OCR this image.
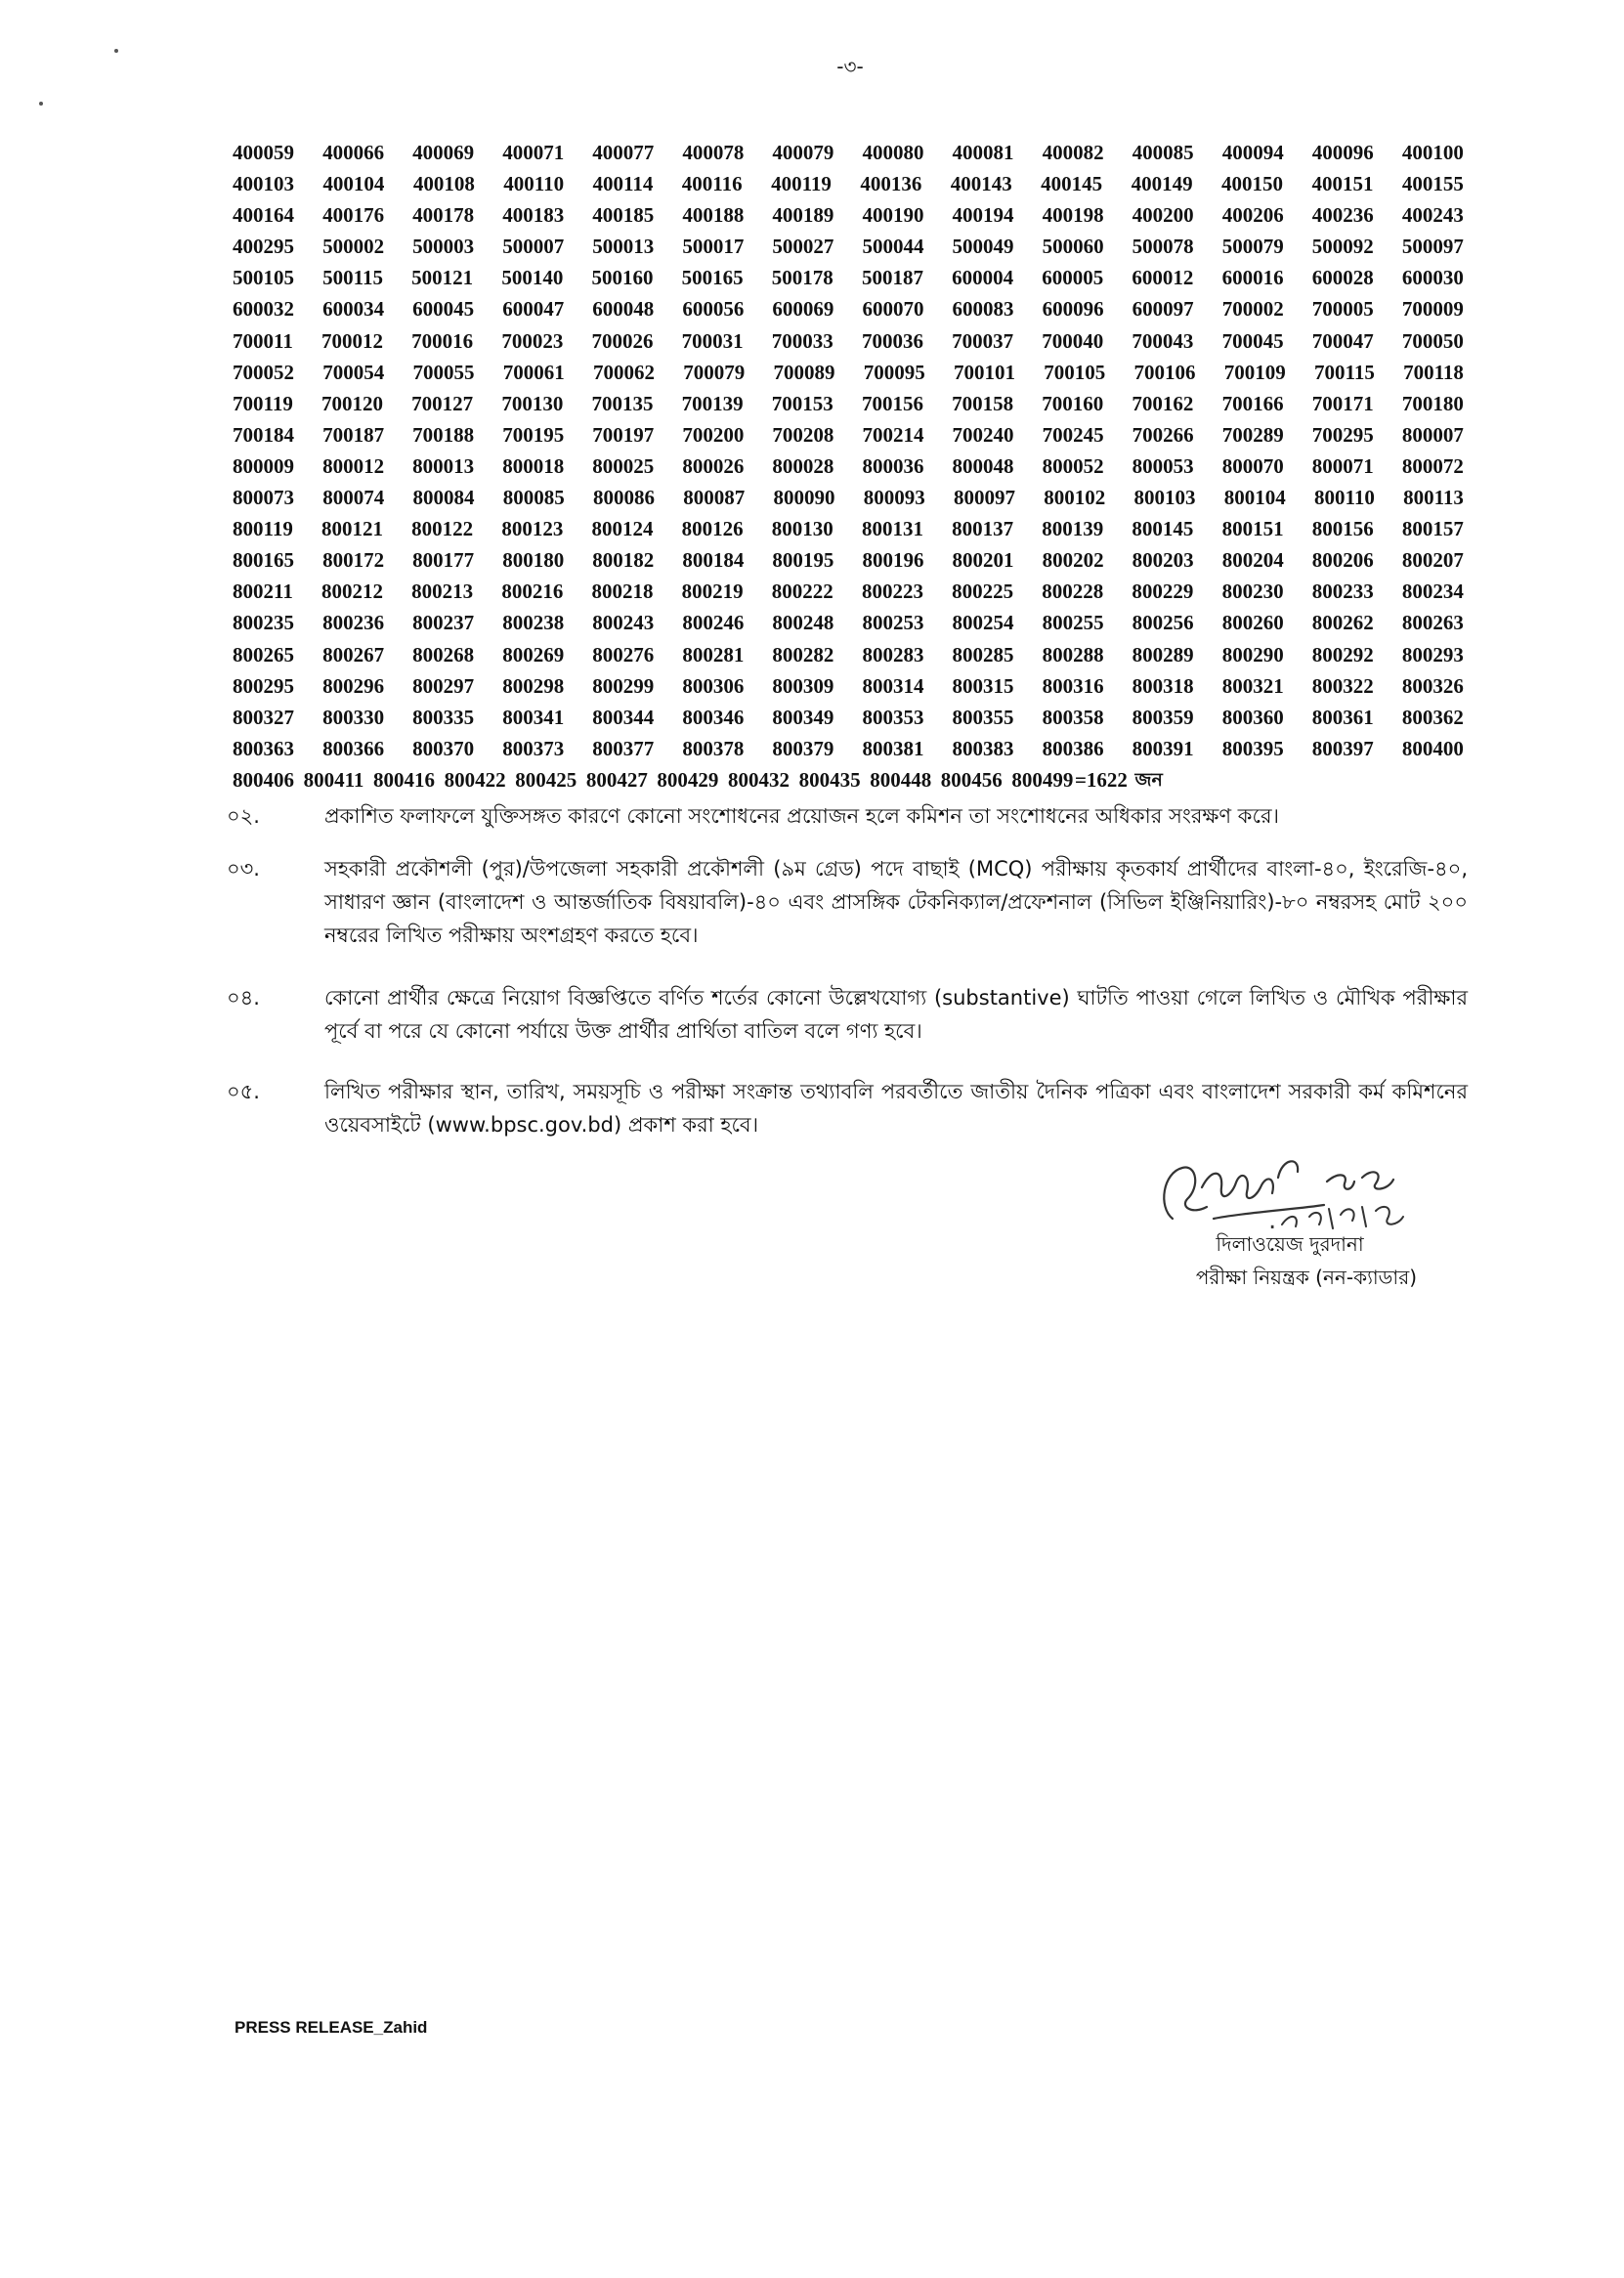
-৩-
400059 400066 400069 400071 400077 400078 400079 400080 400081 400082 400085 400094 400096 400100
400103 400104 400108 400110 400114 400116 400119 400136 400143 400145 400149 400150 400151 400155
400164 400176 400178 400183 400185 400188 400189 400190 400194 400198 400200 400206 400236 400243
400295 500002 500003 500007 500013 500017 500027 500044 500049 500060 500078 500079 500092 500097
500105 500115 500121 500140 500160 500165 500178 500187 600004 600005 600012 600016 600028 600030
600032 600034 600045 600047 600048 600056 600069 600070 600083 600096 600097 700002 700005 700009
700011 700012 700016 700023 700026 700031 700033 700036 700037 700040 700043 700045 700047 700050
700052 700054 700055 700061 700062 700079 700089 700095 700101 700105 700106 700109 700115 700118
700119 700120 700127 700130 700135 700139 700153 700156 700158 700160 700162 700166 700171 700180
700184 700187 700188 700195 700197 700200 700208 700214 700240 700245 700266 700289 700295 800007
800009 800012 800013 800018 800025 800026 800028 800036 800048 800052 800053 800070 800071 800072
800073 800074 800084 800085 800086 800087 800090 800093 800097 800102 800103 800104 800110 800113
800119 800121 800122 800123 800124 800126 800130 800131 800137 800139 800145 800151 800156 800157
800165 800172 800177 800180 800182 800184 800195 800196 800201 800202 800203 800204 800206 800207
800211 800212 800213 800216 800218 800219 800222 800223 800225 800228 800229 800230 800233 800234
800235 800236 800237 800238 800243 800246 800248 800253 800254 800255 800256 800260 800262 800263
800265 800267 800268 800269 800276 800281 800282 800283 800285 800288 800289 800290 800292 800293
800295 800296 800297 800298 800299 800306 800309 800314 800315 800316 800318 800321 800322 800326
800327 800330 800335 800341 800344 800346 800349 800353 800355 800358 800359 800360 800361 800362
800363 800366 800370 800373 800377 800378 800379 800381 800383 800386 800391 800395 800397 800400
800406 800411 800416 800422 800425 800427 800429 800432 800435 800448 800456 800499 =1622 জন
০২.	প্রকাশিত ফলাফলে যুক্তিসঙ্গত কারণে কোনো সংশোধনের প্রয়োজন হলে কমিশন তা সংশোধনের অধিকার সংরক্ষণ করে।
০৩.	সহকারী প্রকৌশলী (পুর)/উপজেলা সহকারী প্রকৌশলী (৯ম গ্রেড) পদে বাছাই (MCQ) পরীক্ষায় কৃতকার্য প্রার্থীদের বাংলা-৪০, ইংরেজি-৪০, সাধারণ জ্ঞান (বাংলাদেশ ও আন্তর্জাতিক বিষয়াবলি)-৪০ এবং প্রাসঙ্গিক টেকনিক্যাল/প্রফেশনাল (সিভিল ইঞ্জিনিয়ারিং)-৮০ নম্বরসহ মোট ২০০ নম্বরের লিখিত পরীক্ষায় অংশগ্রহণ করতে হবে।
০৪.	কোনো প্রার্থীর ক্ষেত্রে নিয়োগ বিজ্ঞপ্তিতে বর্ণিত শর্তের কোনো উল্লেখযোগ্য (substantive) ঘাটতি পাওয়া গেলে লিখিত ও মৌখিক পরীক্ষার পূর্বে বা পরে যে কোনো পর্যায়ে উক্ত প্রার্থীর প্রার্থিতা বাতিল বলে গণ্য হবে।
০৫.	লিখিত পরীক্ষার স্থান, তারিখ, সময়সূচি ও পরীক্ষা সংক্রান্ত তথ্যাবলি পরবর্তীতে জাতীয় দৈনিক পত্রিকা এবং বাংলাদেশ সরকারী কর্ম কমিশনের ওয়েবসাইটে (www.bpsc.gov.bd) প্রকাশ করা হবে।
.
দিলাওয়েজ দুরদানা
পরীক্ষা নিয়ন্ত্রক (নন-ক্যাডার)
PRESS RELEASE_Zahid
